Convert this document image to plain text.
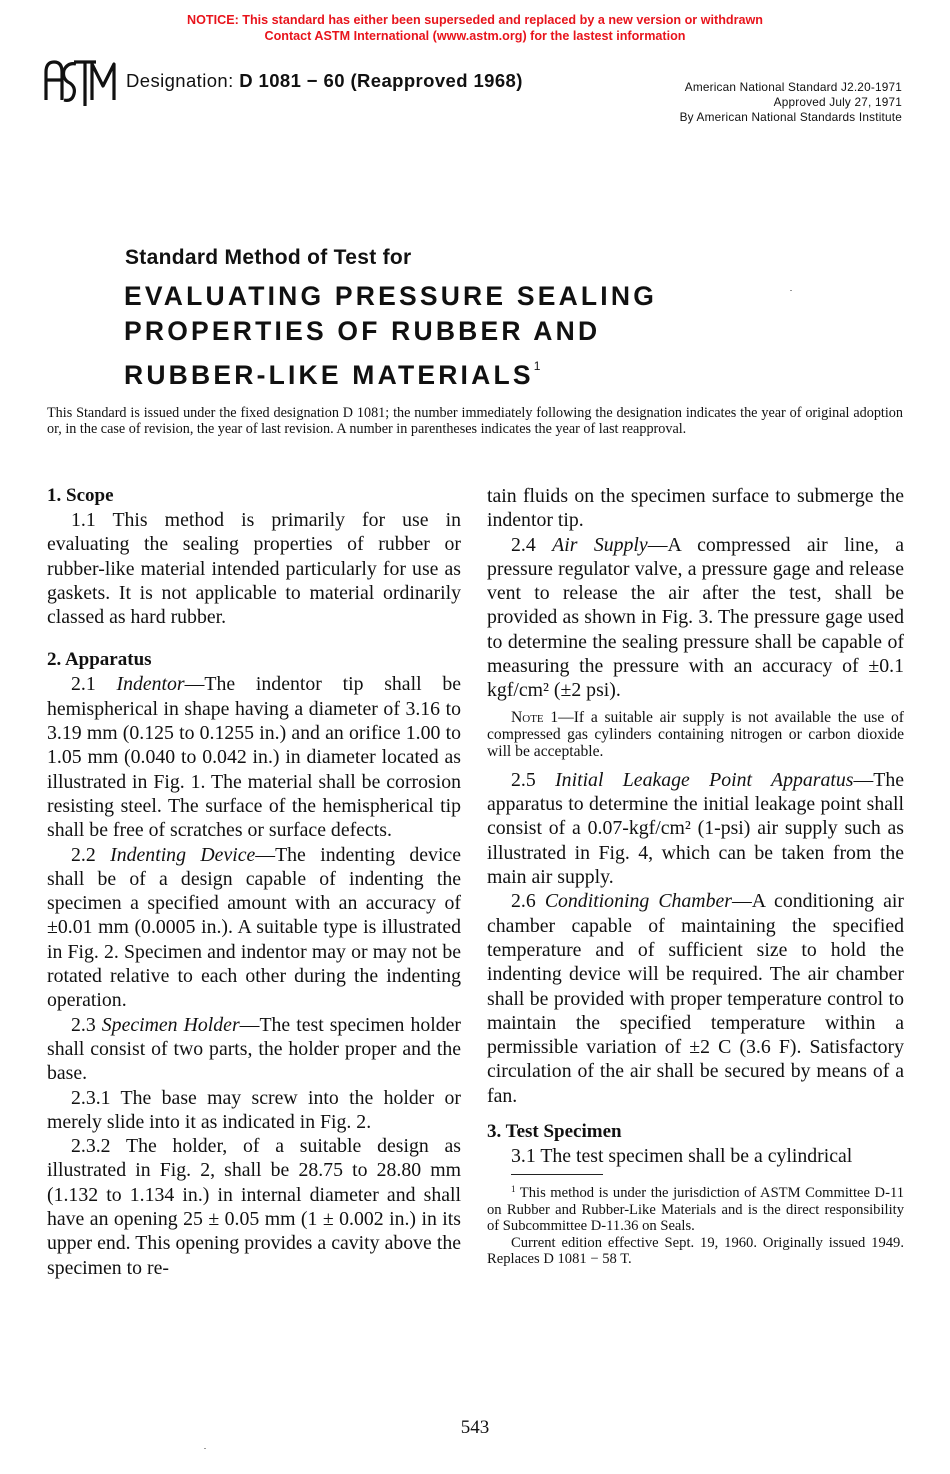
NOTICE: This standard has either been superseded and replaced by a new version or withdrawn
Contact ASTM International (www.astm.org) for the lastest information
Designation: D 1081 − 60 (Reapproved 1968)	American National Standard J2.20-1971
Approved July 27, 1971
By American National Standards Institute
Standard Method of Test for
EVALUATING PRESSURE SEALING
PROPERTIES OF RUBBER AND
RUBBER-LIKE MATERIALS$^1$
This Standard is issued under the fixed designation D 1081; the number immediately following the designation indicates the year of original adoption or, in the case of revision, the year of last revision. A number in parentheses indicates the year of last reapproval.
1. Scope

1.1 This method is primarily for use in evaluating the sealing properties of rubber or rubber-like material intended particularly for use as gaskets. It is not applicable to material ordinarily classed as hard rubber.

2. Apparatus

2.1 Indentor—The indentor tip shall be hemispherical in shape having a diameter of 3.16 to 3.19 mm (0.125 to 0.1255 in.) and an orifice 1.00 to 1.05 mm (0.040 to 0.042 in.) in diameter located as illustrated in Fig. 1. The material shall be corrosion resisting steel. The surface of the hemispherical tip shall be free of scratches or surface defects.

2.2 Indenting Device—The indenting device shall be of a design capable of indenting the specimen a specified amount with an accuracy of ±0.01 mm (0.0005 in.). A suitable type is illustrated in Fig. 2. Specimen and indentor may or may not be rotated relative to each other during the indenting operation.

2.3 Specimen Holder—The test specimen holder shall consist of two parts, the holder proper and the base.

2.3.1 The base may screw into the holder or merely slide into it as indicated in Fig. 2.

2.3.2 The holder, of a suitable design as illustrated in Fig. 2, shall be 28.75 to 28.80 mm (1.132 to 1.134 in.) in internal diameter and shall have an opening 25 ± 0.05 mm (1 ± 0.002 in.) in its upper end. This opening provides a cavity above the specimen to re-

tain fluids on the specimen surface to submerge the indentor tip.

2.4 Air Supply—A compressed air line, a pressure regulator valve, a pressure gage and release vent to release the air after the test, shall be provided as shown in Fig. 3. The pressure gage used to determine the sealing pressure shall be capable of measuring the pressure with an accuracy of ±0.1 kgf/cm² (±2 psi).

Note 1—If a suitable air supply is not available the use of compressed gas cylinders containing nitrogen or carbon dioxide will be acceptable.

2.5 Initial Leakage Point Apparatus—The apparatus to determine the initial leakage point shall consist of a 0.07-kgf/cm² (1-psi) air supply such as illustrated in Fig. 4, which can be taken from the main air supply.

2.6 Conditioning Chamber—A conditioning air chamber capable of maintaining the specified temperature and of sufficient size to hold the indenting device will be required. The air chamber shall be provided with proper temperature control to maintain the specified temperature within a permissible variation of ±2 C (3.6 F). Satisfactory circulation of the air shall be secured by means of a fan.

3. Test Specimen

3.1 The test specimen shall be a cylindrical

$^1$ This method is under the jurisdiction of ASTM Committee D-11 on Rubber and Rubber-Like Materials and is the direct responsibility of Subcommittee D-11.36 on Seals.

Current edition effective Sept. 19, 1960. Originally issued 1949. Replaces D 1081 − 58 T.

543
